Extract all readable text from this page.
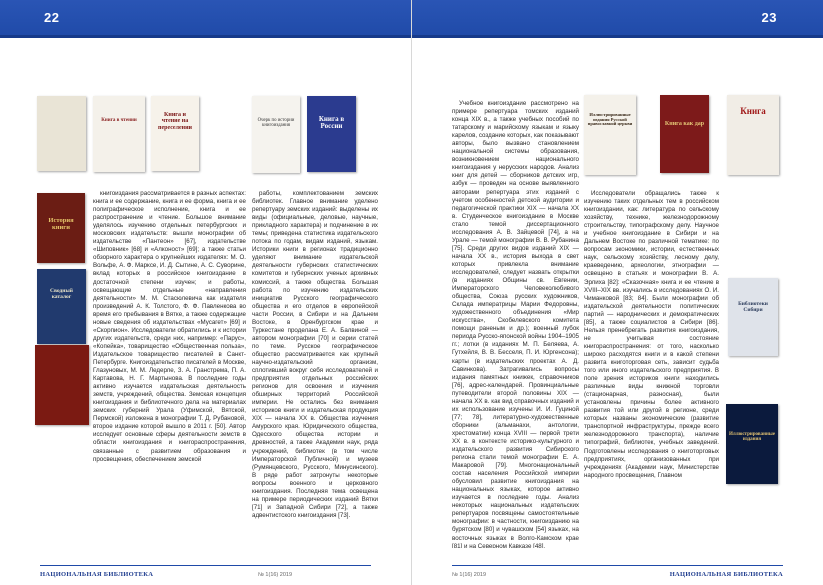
22
Книга в чтении
Книга и чтение на переселении
Очерк по истории книгоиздания
Книга в России
История книги
Сводный каталог

книгоиздания рассматривается в разных аспектах: книга и ее содержание, книга и ее форма, книга и ее полиграфическое исполнение, книга и ее распространение и чтение. Большое внимание уделялось изучению отдельных петербургских и московских издательств: вышли монографии об издательстве «Пантеон» [67], издательстве «Шиповник» [68] и «Алконост» [69]; а также статьи обзорного характера о крупнейших издателях: М. О. Вольфе, А. Ф. Марксе, И. Д. Сытине, А. С. Суворине, вклад которых в российское книгоиздание в достаточной степени изучен; и работы, освещающие отдельные «направления деятельности» М. М. Стасюлевича как издателя произведений А. К. Толстого, Ф. Ф. Павленкова во время его пребывания в Вятке, а также содержащие новые сведения об издательствах «Мусагет» [69] и «Скорпион». Исследователи обратились и к истории других издательств, среди них, например: «Парус», «Копейка», товарищество «Общественная польза», Издательское товарищество писателей в Санкт-Петербурге. Книгоиздательство писателей в Москве, Глазуновых, М. М. Ледерле, З. А. Гранстрема, П. А. Картавова, Н. Г. Мартынова. В последние годы активно изучается издательская деятельность земств, учреждений, общества. Земская концепция книгоиздания и библиотечного дела на материалах земских губерний Урала (Уфимской, Вятской, Пермской) изложена в монографии Т. Д. Рубановой, второе издание которой вышло в 2011 г. [50]. Автор исследует основные сферы деятельности земств в области книгоиздания и книгораспространения, связанные с развитием образования и просвещения, обеспечением земской

работы, комплектованием земских библиотек. Главное внимание уделено репертуару земских изданий: выделены их виды (официальные, деловые, научные, прикладного характера) и подчинение в их темы; приведена статистика издательского потока по годам, видам изданий, языкам. Историки книги в регионах традиционно уделяют внимание издательской деятельности губернских статистических комитетов и губернских ученых архивных комиссий, а также общества. Большая работа по изучению издательских инициатив Русского географического общества и его отделов в европейской части России, в Сибири и на Дальнем Востоке, в Оренбургском крае и Туркестане проделана Е. А. Балвиной — автором монографии [70] и серии статей по теме. Русское географическое общество рассматривается как крупный научно-издательский организм, сплотивший вокруг себя исследователей и предприятия отдельных российских регионов для освоения и изучения обширных территорий Российской империи. Не остались без внимания историков книги и издательская продукция XIX — начала XX в. Общества изучения Амурского края. Юридического общества, Одесского общества истории и древностей, а также Академии наук, ряда учреждений, библиотек (в том числе Императорской Публичной) и музеев (Румянцевского, Русского, Минусинского). В ряде работ затронуты некоторые вопросы военного и церковного книгоиздания. Последняя тема освещена на примере периодических изданий Вятки [71] и Западной Сибири [72], а также адвентистского книгоиздания [73].

НАЦИОНАЛЬНАЯ БИБЛИОТЕКА	№ 1(16) 2019
23
Иллюстрированные издания Русской православной церкви	Книга как дар
Книга
Библиотеки Сибири
Иллюстрированные издания

Учебное книгоиздание рассмотрено на примере репертуара томских изданий конца XIX в., а также учебных пособий по татарскому и марийскому языкам и языку карелов, создание которых, как показывают авторы, было вызвано становлением национальной системы образования, возникновением национального книгоиздания у нерусских народов. Анализ книг для детей — сборников детских игр, азбук — проведен на основе выявленного авторами репертуара этих изданий с учетом особенностей детской аудитории и педагогической практики XIX — начала XX в. Студенческое книгоиздание в Москве стало темой диссертационного исследования А. В. Зайцевой [74], а на Урале — темой монографии В. В. Рубанина [75]. Среди других видов изданий XIX — начала XX в., история выхода в свет которых привлекла внимание исследователей, следует назвать открытки (в изданиях Общины св. Евгении, Императорского Человеколюбивого общества, Союза русских художников, Склада императрицы Марии Федоровны, художественного объединения «Мир искусства», Скобелевского комитета помощи раненым и др.); военный лубок периода Русско-японской войны 1904–1905 гг.; лотки (в изданиях М. П. Беляева, А. Гутхейля, В. В. Бесселя, П. И. Юргенсона); карты (в издательских проектах А. Д. Савинкова). Затрагивались вопросы издания памятных книжек, справочников [76], адрес-календарей. Провинциальные путеводители второй половины XIX — начала XX в. как вид справочных изданий и их использование изучены И. И. Гуциной [77; 78], литературно-художественные сборники (альманахи, антологии, хрестоматии) конца XVIII — первой трети XX в. в контексте историко-культурного и издательского развития Сибирского региона стали темой монографии Е. А. Макаровой [79]. Многонациональный состав населения Российской империи обусловил развитие книгоиздания на национальных языках, которое активно изучается в последние годы. Анализ некоторых национальных издательских репертуаров посвящены самостоятельные монографии: в частности, книгоизданию на бурятском [80] и чувашском [54] языках, на восточных языках в Волго-Камском крае [81] и на Северном Кавказе [48].

Исследователи обращались также к изучению таких отдельных тем в российском книгоиздании, как: литература по сельскому хозяйству, технике, железнодорожному строительству, типографскому делу. Научное и учебное книгоиздание в Сибири и на Дальнем Востоке по различной тематике: по вопросам экономики, истории, естественных наук, сельскому хозяйству, лесному делу, краеведению, археологии, этнографии — освещено в статьях и монографии В. А. Эрлиха [82]: «Сказочная» книга и ее чтение в XVIII–XIX вв. изучались в исследованиях О. И. Чиманковой [83; 84]. Были монографии об издательской деятельности политических партий — народнических и демократических [85], а также социалистов в Сибири [86]. Нельзя пренебрегать развития книгоиздания, не учитывая состояние книгораспространения: от того, насколько широко расходятся книги и в какой степени развита книготорговая сеть, зависит судьба того или иного издательского предприятия. В поле зрения историков книги находились различные виды книжной торговли (стационарная, разносная), были установлены причины более активного развития той или другой в регионе, среди которых названы экономические (развитие транспортной инфраструктуры, прежде всего железнодорожного транспорта), наличие типографий, библиотек, учебных заведений. Подготовлены исследования о книготорговых предприятиях, организованных при учреждениях (Академии наук, Министерстве народного просвещения, Главном

№ 1(16) 2019	НАЦИОНАЛЬНАЯ БИБЛИОТЕКА
